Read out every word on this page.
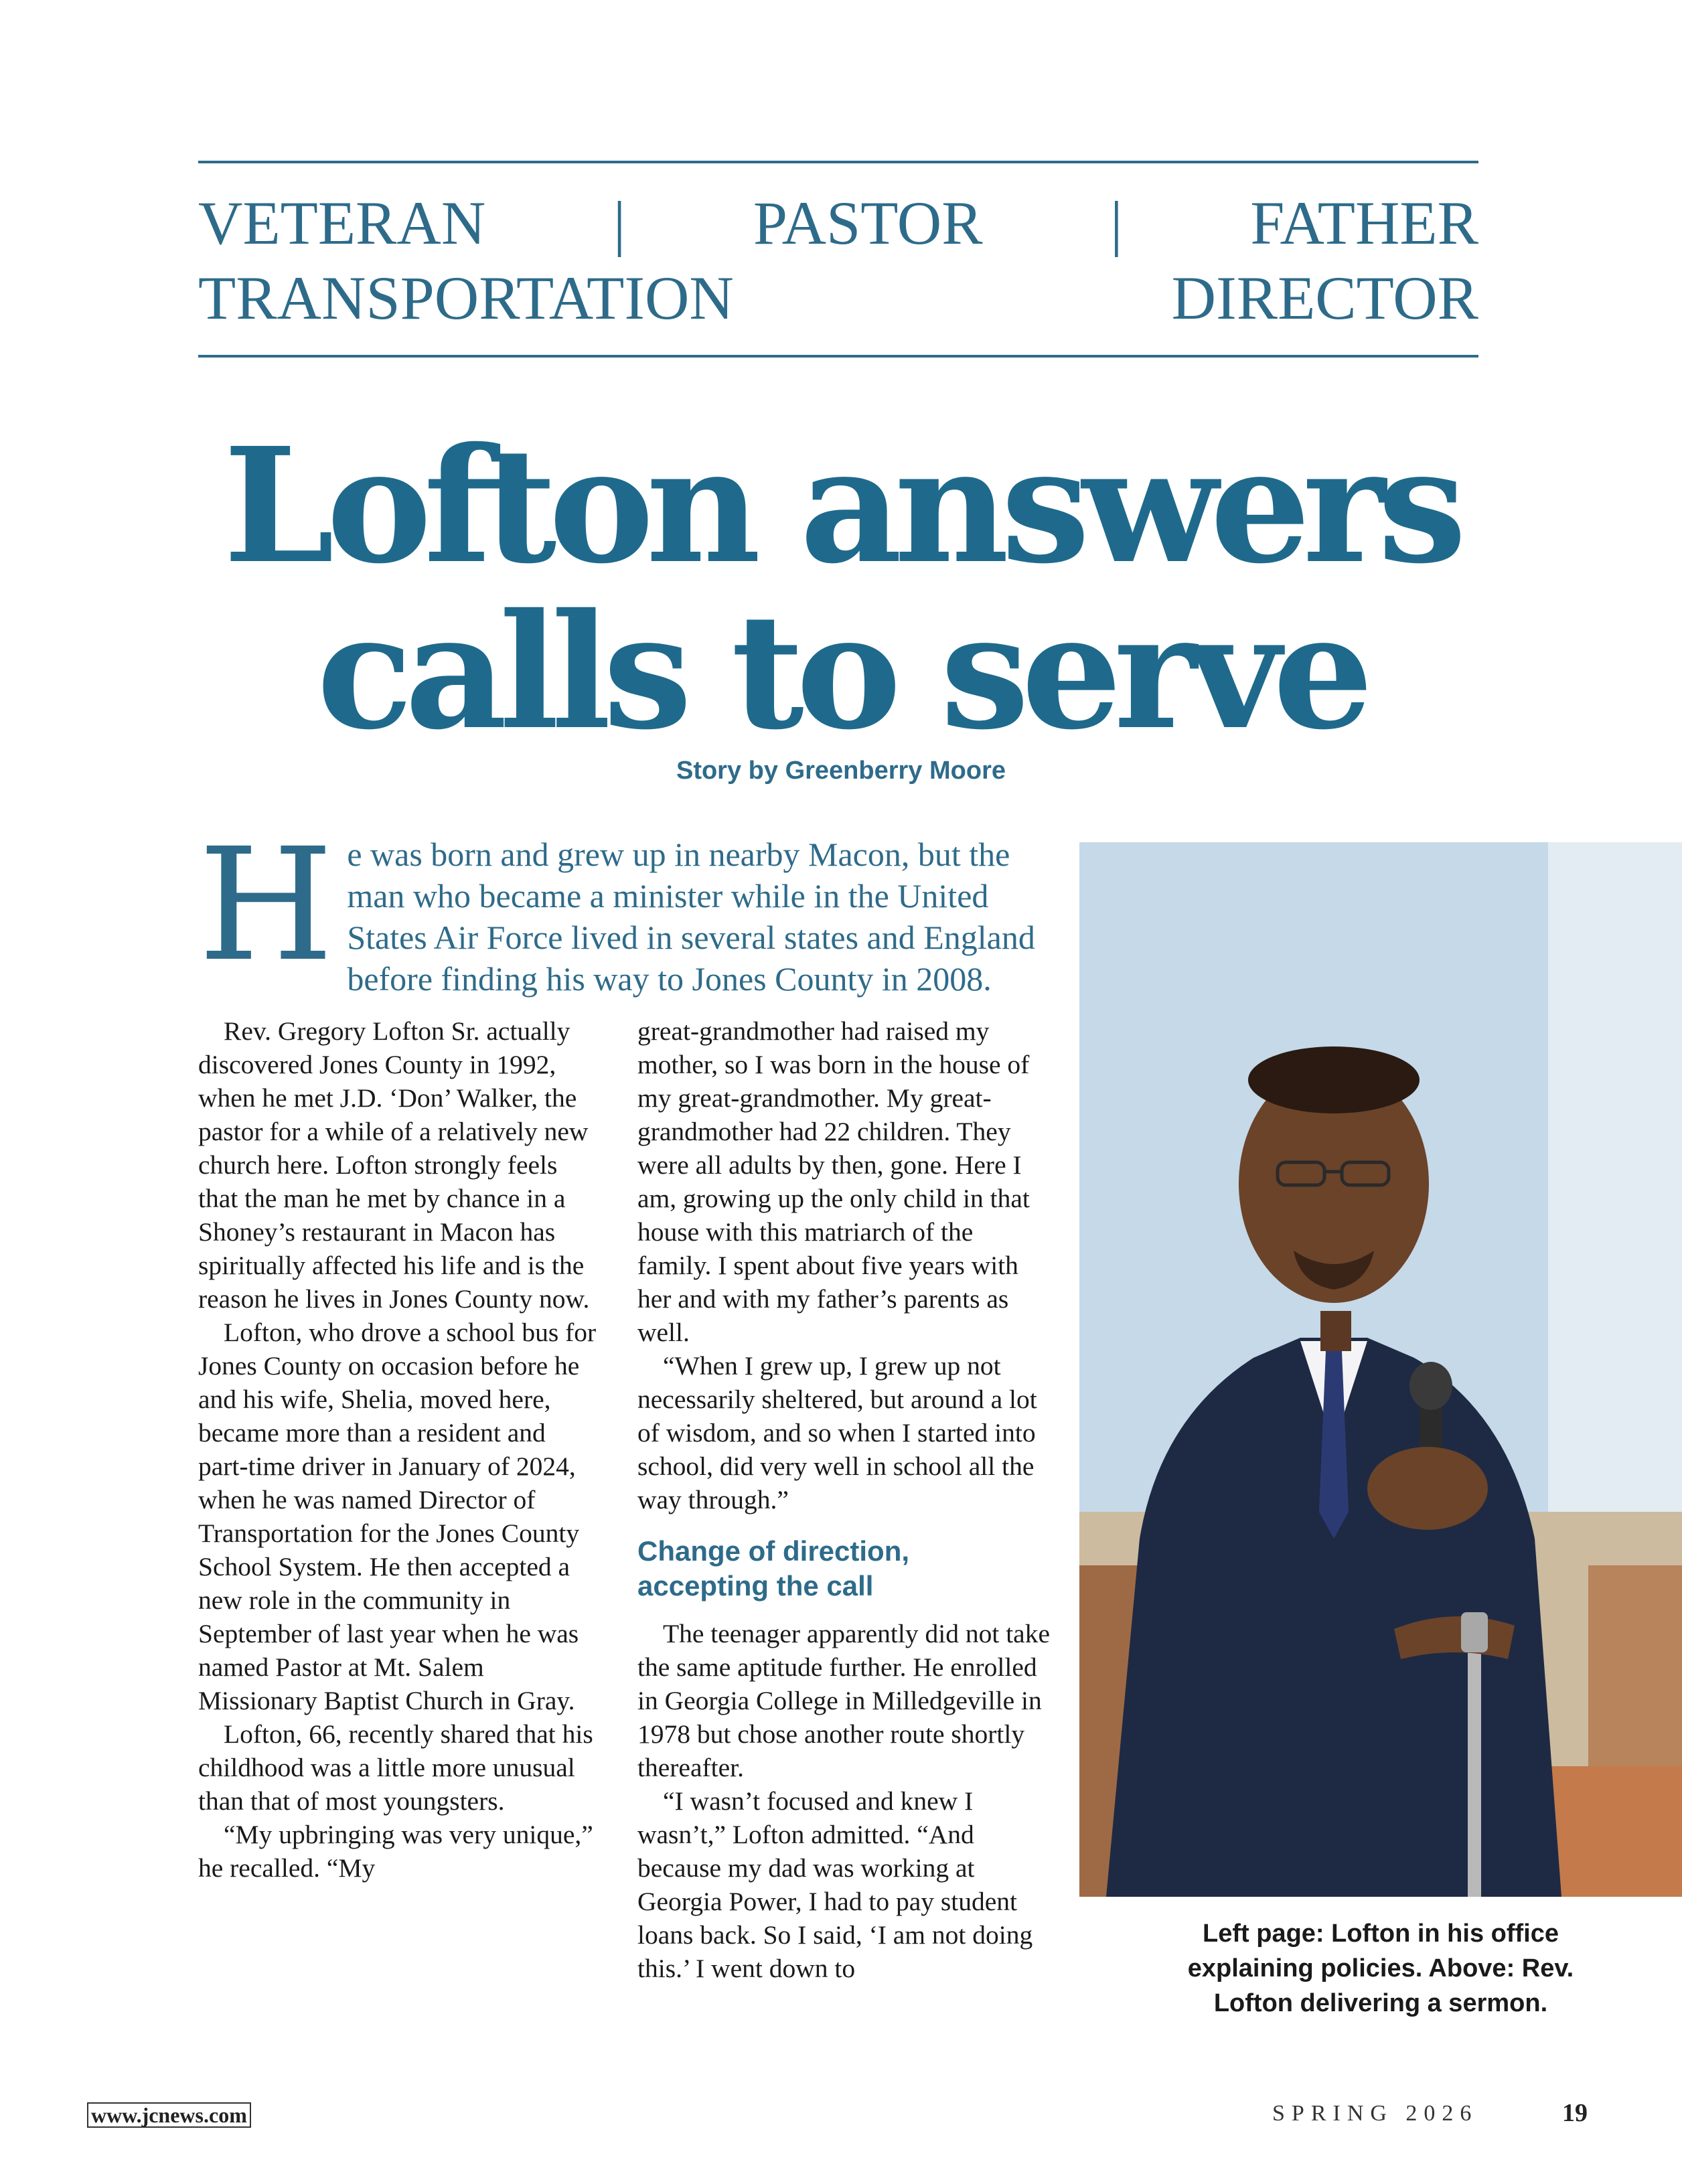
VETERAN | PASTOR | FATHER
TRANSPORTATION DIRECTOR
Lofton answers
calls to serve
Story by Greenberry Moore
He was born and grew up in nearby Macon, but the man who became a minister while in the United States Air Force lived in several states and England before finding his way to Jones County in 2008.

Rev. Gregory Lofton Sr. actually discovered Jones County in 1992, when he met J.D. ‘Don’ Walker, the pastor for a while of a relatively new church here. Lofton strongly feels that the man he met by chance in a Shoney’s restaurant in Macon has spiritually affected his life and is the reason he lives in Jones County now.

Lofton, who drove a school bus for Jones County on occasion before he and his wife, Shelia, moved here, became more than a resident and part-time driver in January of 2024, when he was named Director of Transportation for the Jones County School System. He then accepted a new role in the community in September of last year when he was named Pastor at Mt. Salem Missionary Baptist Church in Gray.

Lofton, 66, recently shared that his childhood was a little more unusual than that of most youngsters.

“My upbringing was very unique,” he recalled. “My

great-grandmother had raised my mother, so I was born in the house of my great-grandmother. My great-grandmother had 22 children. They were all adults by then, gone. Here I am, growing up the only child in that house with this matriarch of the family. I spent about five years with her and with my father’s parents as well.

“When I grew up, I grew up not necessarily sheltered, but around a lot of wisdom, and so when I started into school, did very well in school all the way through.”

Change of direction,
accepting the call

The teenager apparently did not take the same aptitude further. He enrolled in Georgia College in Milledgeville in 1978 but chose another route shortly thereafter.

“I wasn’t focused and knew I wasn’t,” Lofton admitted. “And because my dad was working at Georgia Power, I had to pay student loans back. So I said, ‘I am not doing this.’ I went down to

Left page: Lofton in his office
explaining policies. Above: Rev.
Lofton delivering a sermon.
www.jcnews.com	SPRING 2026	19
